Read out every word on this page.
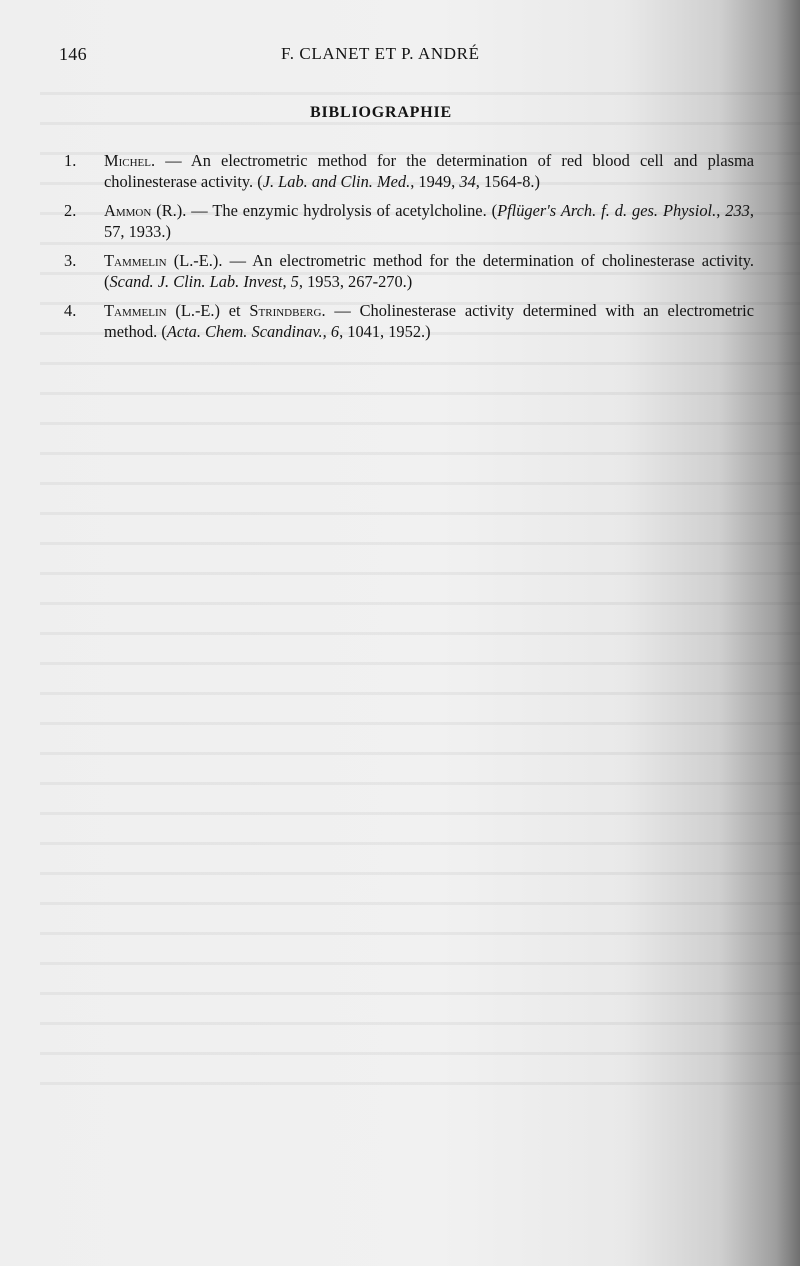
146	F. CLANET ET P. ANDRÉ
BIBLIOGRAPHIE
1. Michel. — An electrometric method for the determination of red blood cell and plasma cholinesterase activity. (J. Lab. and Clin. Med., 1949, 34, 1564-8.)
2. Ammon (R.). — The enzymic hydrolysis of acetylcholine. (Pflüger's Arch. f. d. ges. Physiol., 233, 57, 1933.)
3. Tammelin (L.-E.). — An electrometric method for the determination of cholinesterase activity. (Scand. J. Clin. Lab. Invest, 5, 1953, 267-270.)
4. Tammelin (L.-E.) et Strindberg. — Cholinesterase activity determined with an electrometric method. (Acta. Chem. Scandinav., 6, 1041, 1952.)
